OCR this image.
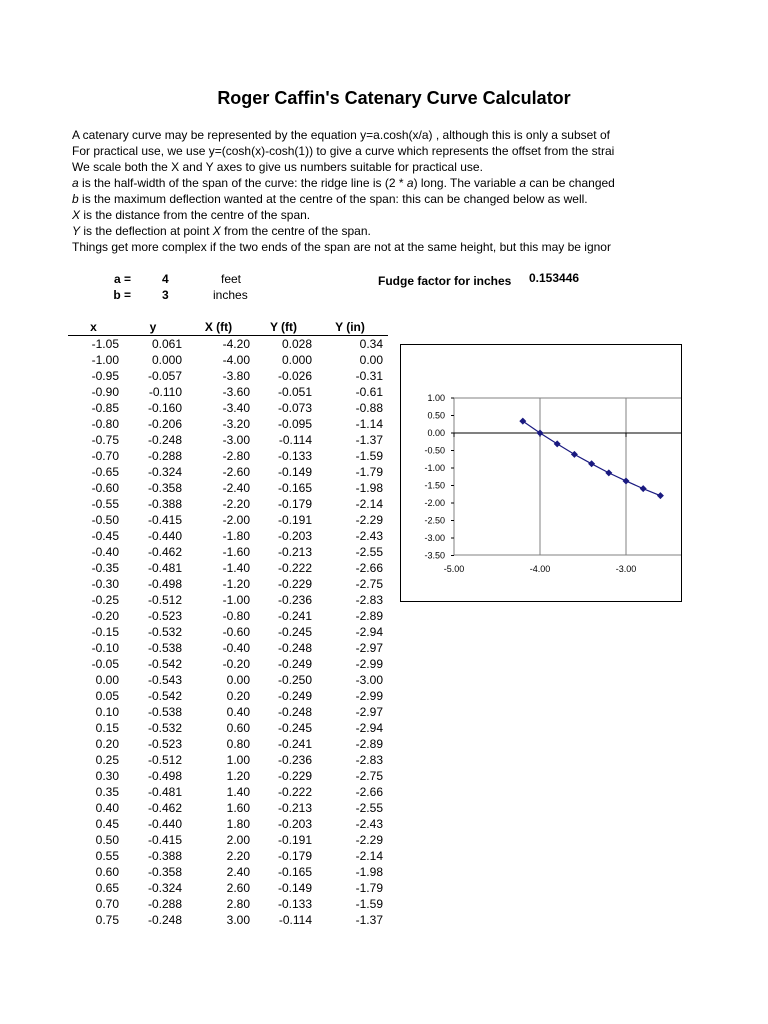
Roger Caffin's Catenary Curve Calculator
A catenary curve may be represented by the equation y=a.cosh(x/a) , although this is only a subset of
For practical use, we use y=(cosh(x)-cosh(1)) to give a curve which represents the offset from the strai
We scale both the X and Y axes to give us numbers suitable for practical use.
a is the half-width of the span of the curve: the ridge line is (2 * a) long. The variable a can be changed
b is the maximum deflection wanted at the centre of the span: this can be changed below as well.
X is the distance from the centre of the span.
Y is the deflection at point X from the centre of the span.
Things get more complex if the two ends of the span are not at the same height, but this may be ignor
a =	4	feet
b =	3	inches
Fudge factor for inches 0.153446
x	y	X (ft)	Y (ft)	Y (in)
-1.05	0.061	-4.20	0.028	0.34
-1.00	0.000	-4.00	0.000	0.00
-0.95	-0.057	-3.80	-0.026	-0.31
-0.90	-0.110	-3.60	-0.051	-0.61
-0.85	-0.160	-3.40	-0.073	-0.88
-0.80	-0.206	-3.20	-0.095	-1.14
-0.75	-0.248	-3.00	-0.114	-1.37
-0.70	-0.288	-2.80	-0.133	-1.59
-0.65	-0.324	-2.60	-0.149	-1.79
-0.60	-0.358	-2.40	-0.165	-1.98
-0.55	-0.388	-2.20	-0.179	-2.14
-0.50	-0.415	-2.00	-0.191	-2.29
-0.45	-0.440	-1.80	-0.203	-2.43
-0.40	-0.462	-1.60	-0.213	-2.55
-0.35	-0.481	-1.40	-0.222	-2.66
-0.30	-0.498	-1.20	-0.229	-2.75
-0.25	-0.512	-1.00	-0.236	-2.83
-0.20	-0.523	-0.80	-0.241	-2.89
-0.15	-0.532	-0.60	-0.245	-2.94
-0.10	-0.538	-0.40	-0.248	-2.97
-0.05	-0.542	-0.20	-0.249	-2.99
0.00	-0.543	0.00	-0.250	-3.00
0.05	-0.542	0.20	-0.249	-2.99
0.10	-0.538	0.40	-0.248	-2.97
0.15	-0.532	0.60	-0.245	-2.94
0.20	-0.523	0.80	-0.241	-2.89
0.25	-0.512	1.00	-0.236	-2.83
0.30	-0.498	1.20	-0.229	-2.75
0.35	-0.481	1.40	-0.222	-2.66
0.40	-0.462	1.60	-0.213	-2.55
0.45	-0.440	1.80	-0.203	-2.43
0.50	-0.415	2.00	-0.191	-2.29
0.55	-0.388	2.20	-0.179	-2.14
0.60	-0.358	2.40	-0.165	-1.98
0.65	-0.324	2.60	-0.149	-1.79
0.70	-0.288	2.80	-0.133	-1.59
0.75	-0.248	3.00	-0.114	-1.37
1.00
0.50
0.00
-0.50
-1.00
-1.50
-2.00
-2.50
-3.00
-3.50
-5.00	-4.00	-3.00
